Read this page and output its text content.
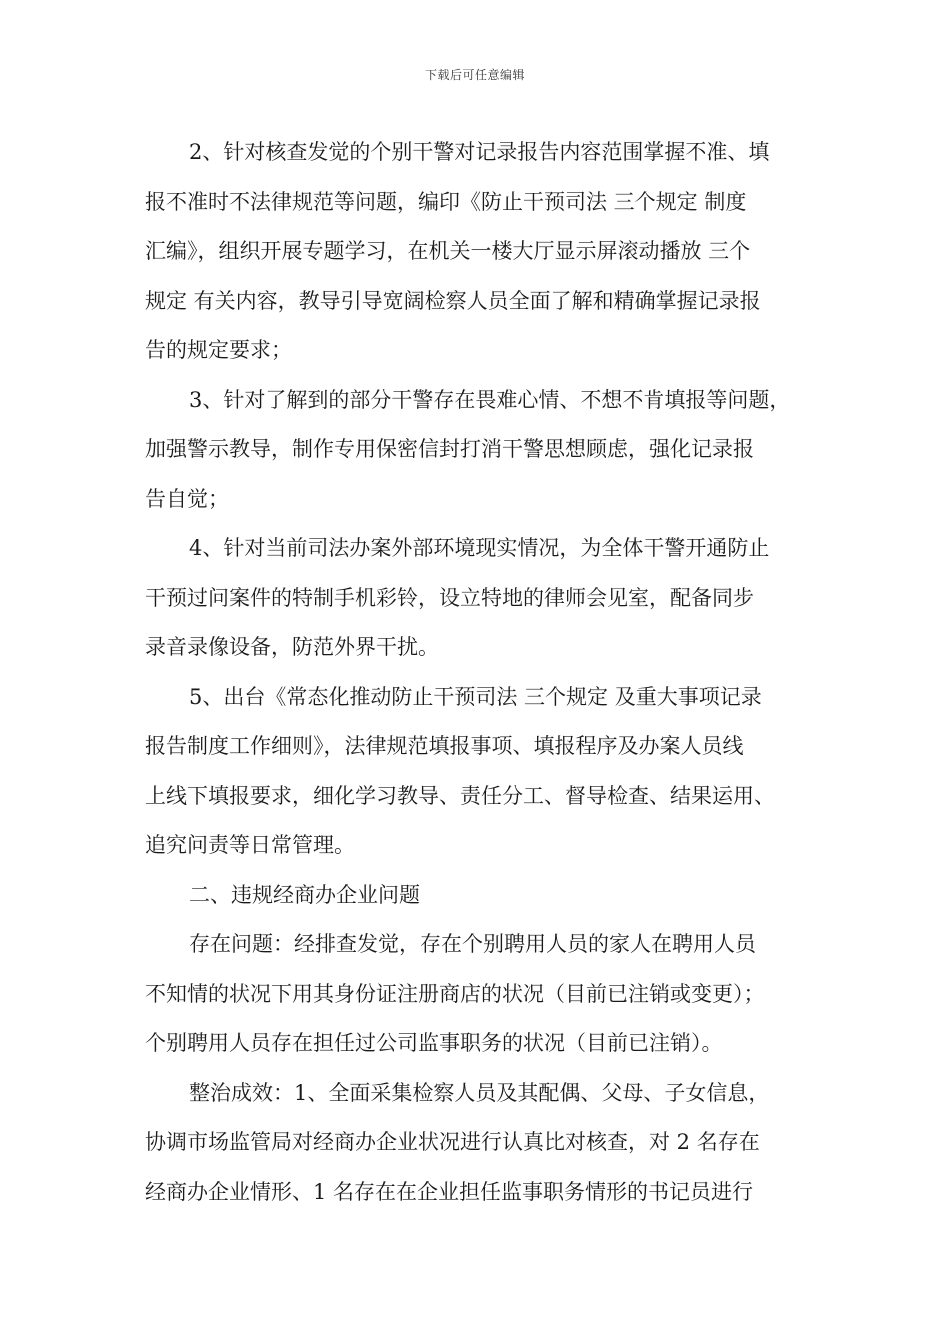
下载后可任意编辑
2、针对核查发觉的个别干警对记录报告内容范围掌握不准、填
报不准时不法律规范等问题，编印《防止干预司法 三个规定 制度
汇编》，组织开展专题学习，在机关一楼大厅显示屏滚动播放 三个
规定 有关内容，教导引导宽阔检察人员全面了解和精确掌握记录报
告的规定要求；
3、针对了解到的部分干警存在畏难心情、不想不肯填报等问题，
加强警示教导，制作专用保密信封打消干警思想顾虑，强化记录报
告自觉；
4、针对当前司法办案外部环境现实情况，为全体干警开通防止
干预过问案件的特制手机彩铃，设立特地的律师会见室，配备同步
录音录像设备，防范外界干扰。
5、出台《常态化推动防止干预司法 三个规定 及重大事项记录
报告制度工作细则》，法律规范填报事项、填报程序及办案人员线
上线下填报要求，细化学习教导、责任分工、督导检查、结果运用、
追究问责等日常管理。
二、违规经商办企业问题
存在问题：经排查发觉，存在个别聘用人员的家人在聘用人员
不知情的状况下用其身份证注册商店的状况（目前已注销或变更）；
个别聘用人员存在担任过公司监事职务的状况（目前已注销）。
整治成效：1、全面采集检察人员及其配偶、父母、子女信息，
协调市场监管局对经商办企业状况进行认真比对核查，对 2 名存在
经商办企业情形、1 名存在在企业担任监事职务情形的书记员进行
